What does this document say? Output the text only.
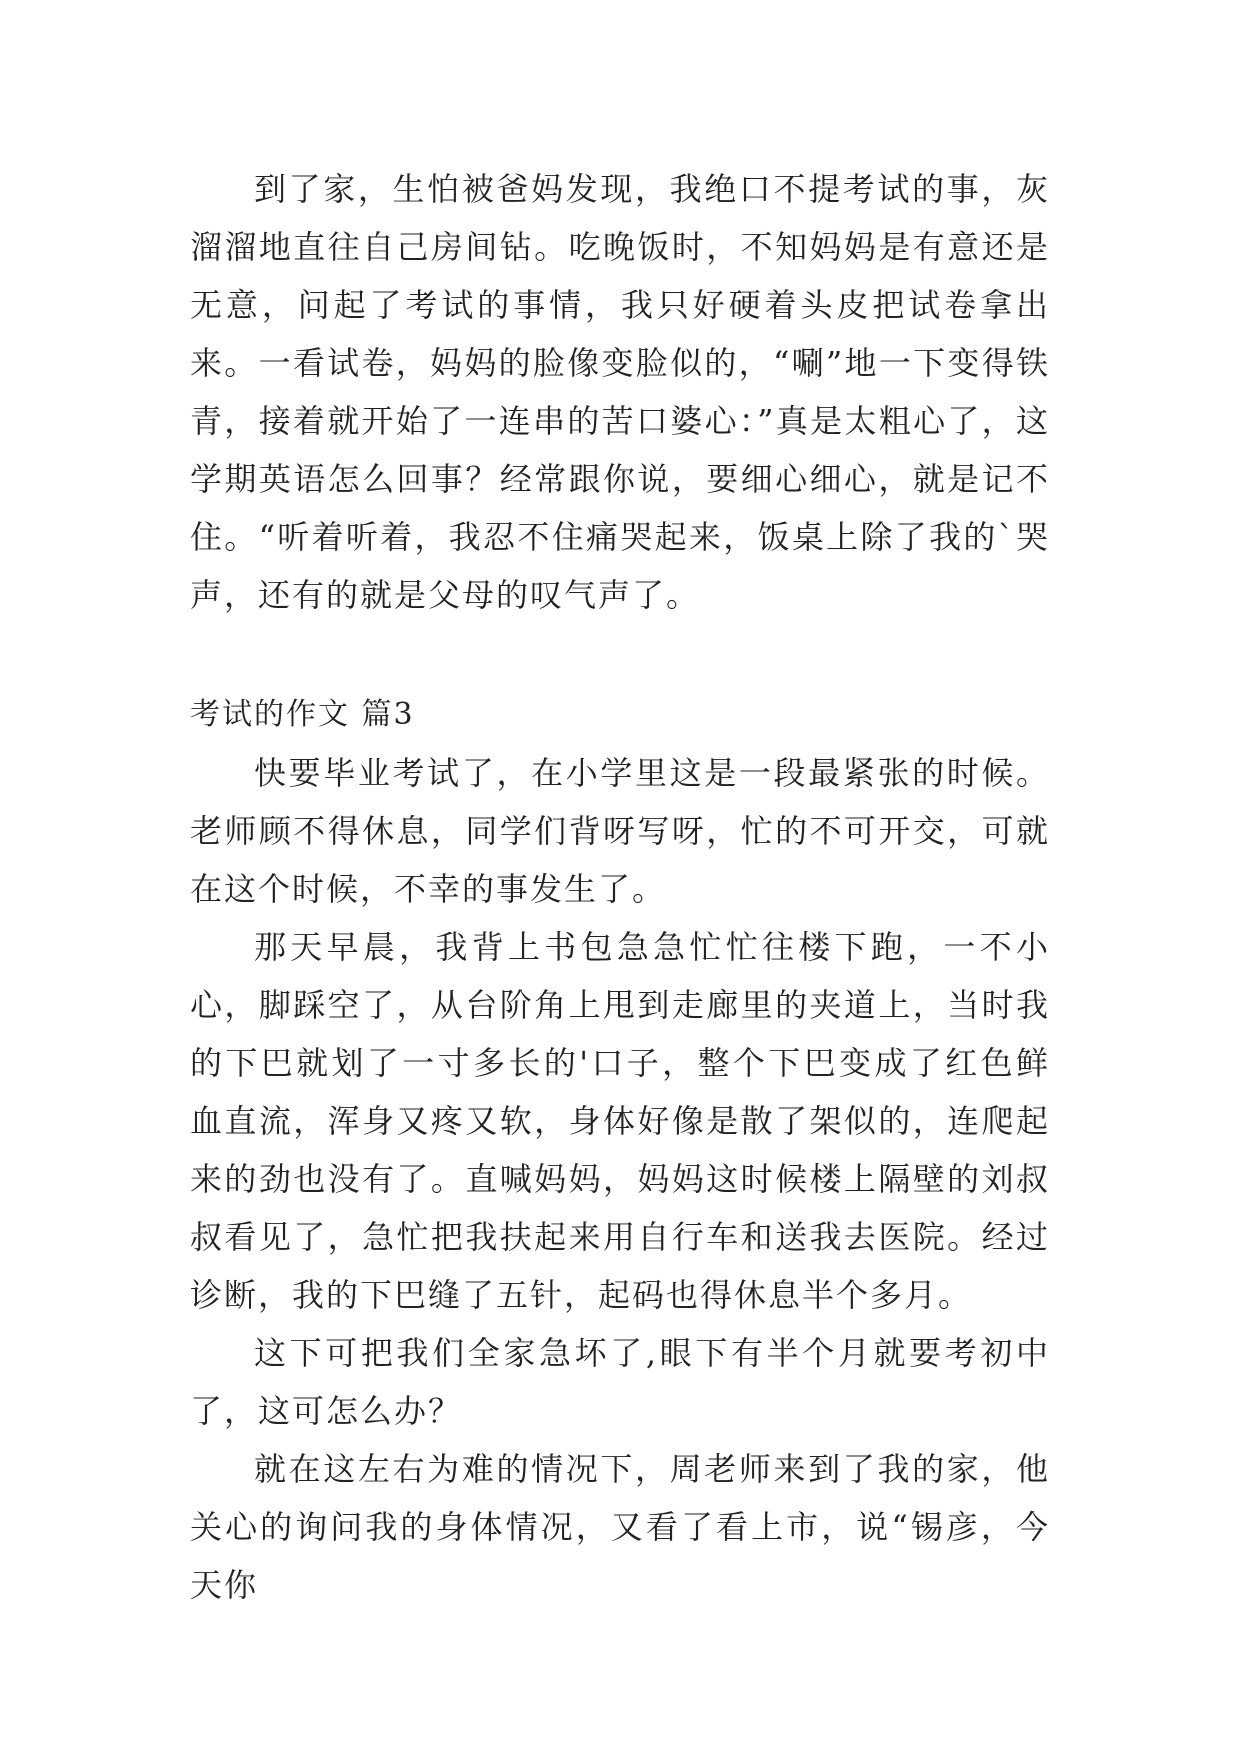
到了家，生怕被爸妈发现，我绝口不提考试的事，灰溜溜地直往自己房间钻。吃晚饭时，不知妈妈是有意还是无意，问起了考试的事情，我只好硬着头皮把试卷拿出来。一看试卷，妈妈的脸像变脸似的，“唰”地一下变得铁青，接着就开始了一连串的苦口婆心：”真是太粗心了，这学期英语怎么回事？经常跟你说，要细心细心，就是记不住。“听着听着，我忍不住痛哭起来，饭桌上除了我的`哭声，还有的就是父母的叹气声了。

考试的作文 篇3

快要毕业考试了，在小学里这是一段最紧张的时候。老师顾不得休息，同学们背呀写呀，忙的不可开交，可就在这个时候，不幸的事发生了。

那天早晨，我背上书包急急忙忙往楼下跑，一不小心，脚踩空了，从台阶角上甩到走廊里的夹道上，当时我的下巴就划了一寸多长的'口子，整个下巴变成了红色鲜血直流，浑身又疼又软，身体好像是散了架似的，连爬起来的劲也没有了。直喊妈妈，妈妈这时候楼上隔壁的刘叔叔看见了，急忙把我扶起来用自行车和送我去医院。经过诊断，我的下巴缝了五针，起码也得休息半个多月。

这下可把我们全家急坏了,眼下有半个月就要考初中了，这可怎么办？

就在这左右为难的情况下，周老师来到了我的家，他关心的询问我的身体情况，又看了看上市，说“锡彦，今天你
